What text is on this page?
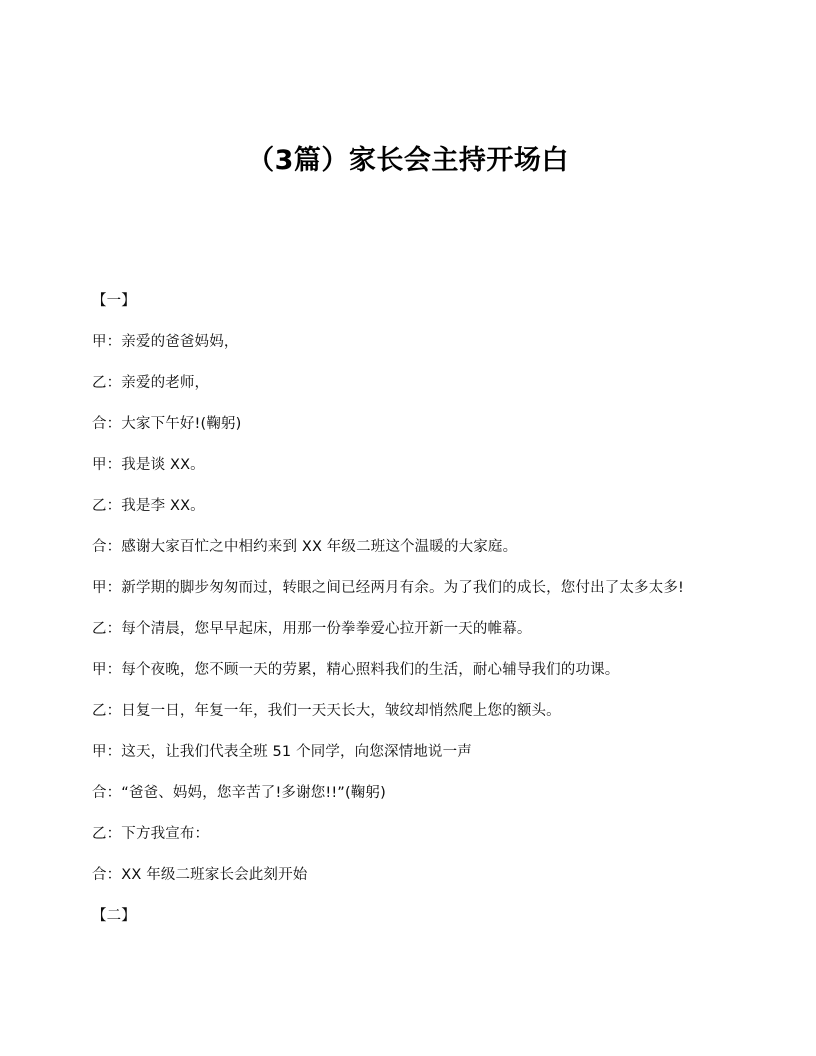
（3篇）家长会主持开场白

【一】

甲：亲爱的爸爸妈妈，

乙：亲爱的老师，

合：大家下午好!(鞠躬)

甲：我是谈 XX。

乙：我是李 XX。

合：感谢大家百忙之中相约来到 XX 年级二班这个温暖的大家庭。

甲：新学期的脚步匆匆而过，转眼之间已经两月有余。为了我们的成长，您付出了太多太多!

乙：每个清晨，您早早起床，用那一份拳拳爱心拉开新一天的帷幕。

甲：每个夜晚，您不顾一天的劳累，精心照料我们的生活，耐心辅导我们的功课。

乙：日复一日，年复一年，我们一天天长大，皱纹却悄然爬上您的额头。

甲：这天，让我们代表全班 51 个同学，向您深情地说一声

合：“爸爸、妈妈，您辛苦了!多谢您!!”(鞠躬)

乙：下方我宣布：

合：XX 年级二班家长会此刻开始

【二】
